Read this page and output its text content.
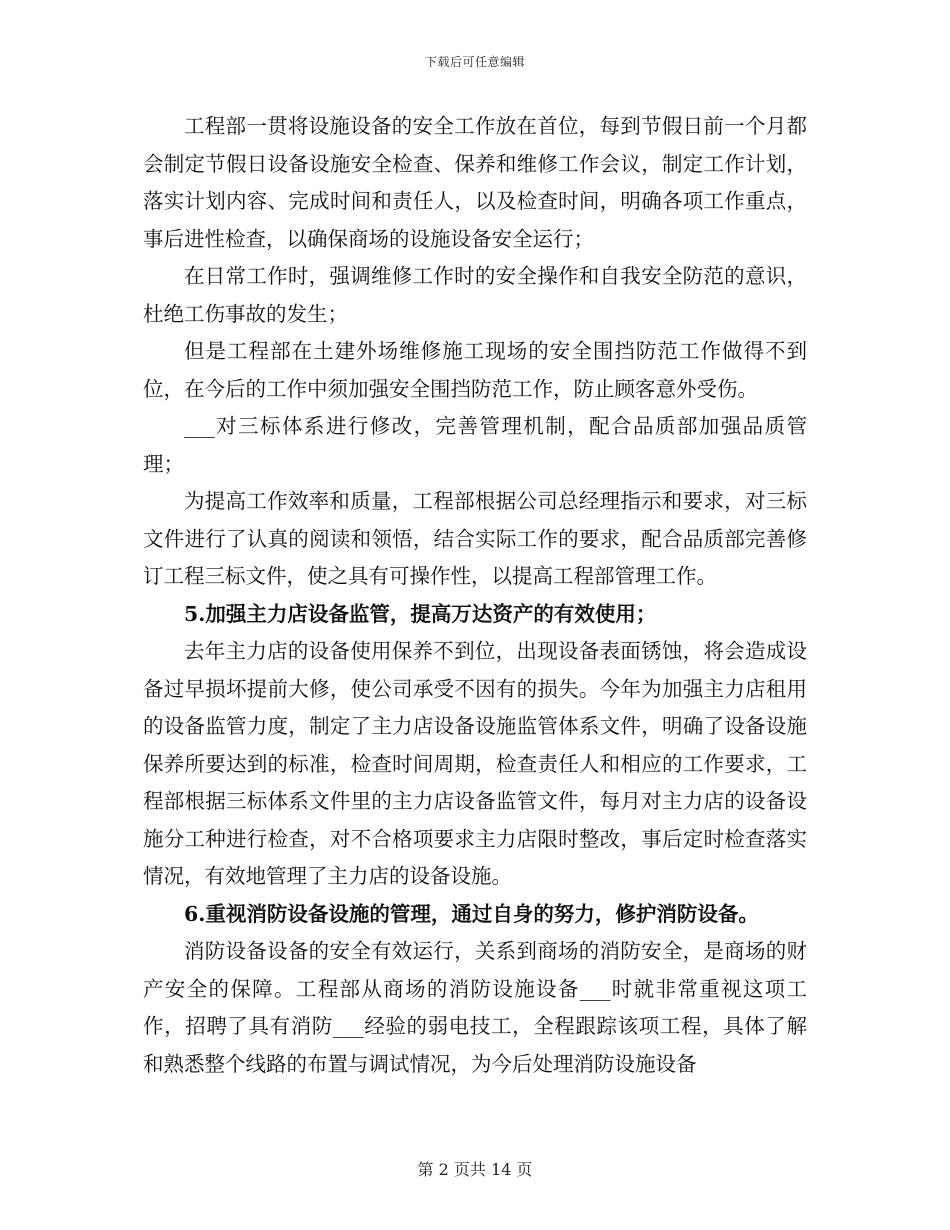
下载后可任意编辑

工程部一贯将设施设备的安全工作放在首位，每到节假日前一个月都会制定节假日设备设施安全检查、保养和维修工作会议，制定工作计划，落实计划内容、完成时间和责任人，以及检查时间，明确各项工作重点，事后进性检查，以确保商场的设施设备安全运行；

在日常工作时，强调维修工作时的安全操作和自我安全防范的意识，杜绝工伤事故的发生；

但是工程部在土建外场维修施工现场的安全围挡防范工作做得不到位，在今后的工作中须加强安全围挡防范工作，防止顾客意外受伤。

___对三标体系进行修改，完善管理机制，配合品质部加强品质管理；

为提高工作效率和质量，工程部根据公司总经理指示和要求，对三标文件进行了认真的阅读和领悟，结合实际工作的要求，配合品质部完善修订工程三标文件，使之具有可操作性，以提高工程部管理工作。

5.加强主力店设备监管，提高万达资产的有效使用；

去年主力店的设备使用保养不到位，出现设备表面锈蚀，将会造成设备过早损坏提前大修，使公司承受不因有的损失。今年为加强主力店租用的设备监管力度，制定了主力店设备设施监管体系文件，明确了设备设施保养所要达到的标准，检查时间周期，检查责任人和相应的工作要求，工程部根据三标体系文件里的主力店设备监管文件，每月对主力店的设备设施分工种进行检查，对不合格项要求主力店限时整改，事后定时检查落实情况，有效地管理了主力店的设备设施。

6.重视消防设备设施的管理，通过自身的努力，修护消防设备。

消防设备设备的安全有效运行，关系到商场的消防安全，是商场的财产安全的保障。工程部从商场的消防设施设备___时就非常重视这项工作，招聘了具有消防___经验的弱电技工，全程跟踪该项工程，具体了解和熟悉整个线路的布置与调试情况，为今后处理消防设施设备

第 2 页共 14 页
